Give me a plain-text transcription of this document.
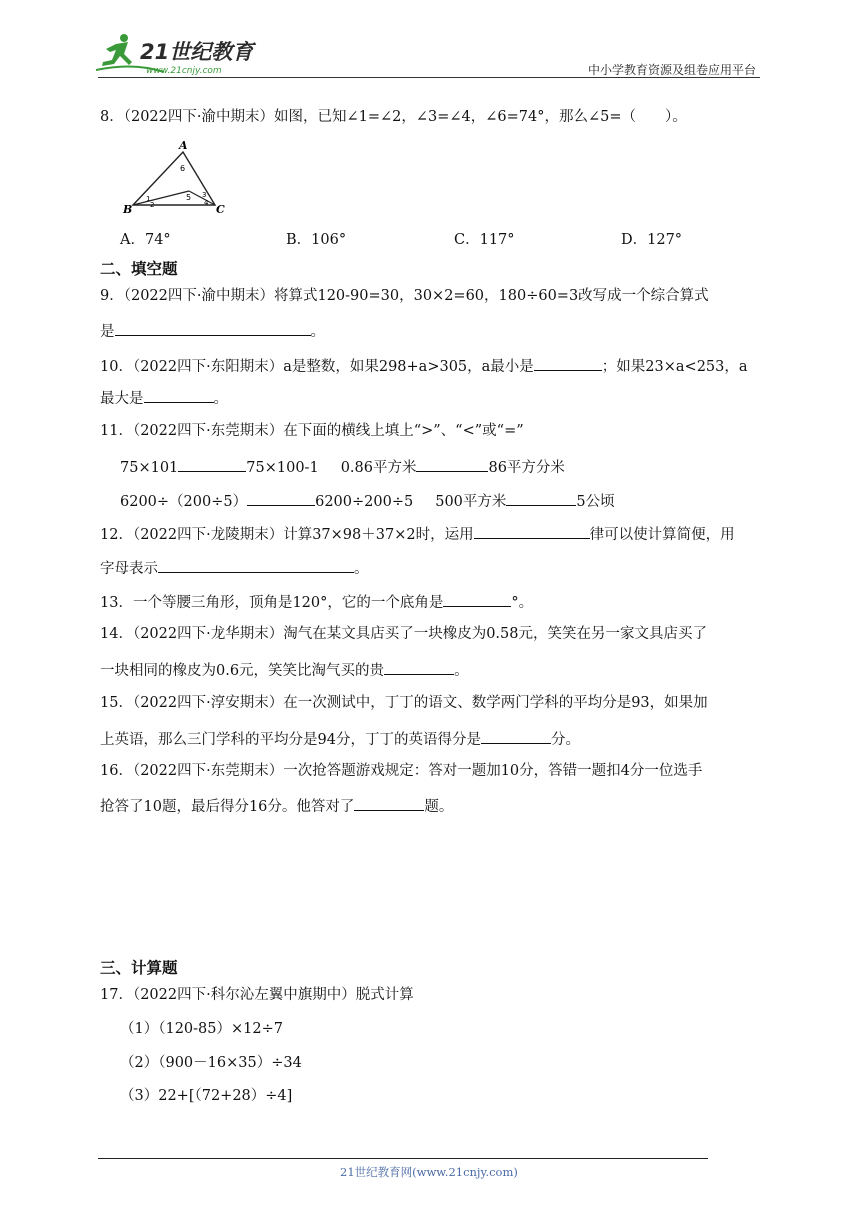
21世纪教育
www.21cnjy.com	中小学教育资源及组卷应用平台
8．（2022四下·渝中期末）如图，已知∠1=∠2，∠3=∠4，∠6=74°，那么∠5=（　　）。
A
B	C
6
5 3
1
2	4
A．74°	B．106°	C．117°	D．127°
二、填空题
9．（2022四下·渝中期末）将算式120-90=30，30×2=60，180÷60=3改写成一个综合算式
是	。
10．（2022四下·东阳期末）a是整数，如果298+a>305，a最小是	；如果23×a<253，a
最大是	。
11．（2022四下·东莞期末）在下面的横线上填上“>”、“<”或“=”
75×101	75×100-1 0.86平方米	86平方分米
6200÷（200÷5）	6200÷200÷5 500平方米	5公顷
12．（2022四下·龙陵期末）计算37×98＋37×2时，运用	律可以使计算简便，用
字母表示	。
13．一个等腰三角形，顶角是120°，它的一个底角是	°。
14．（2022四下·龙华期末）淘气在某文具店买了一块橡皮为0.58元，笑笑在另一家文具店买了
一块相同的橡皮为0.6元，笑笑比淘气买的贵	。
15．（2022四下·淳安期末）在一次测试中，丁丁的语文、数学两门学科的平均分是93，如果加
上英语，那么三门学科的平均分是94分，丁丁的英语得分是	分。
16．（2022四下·东莞期末）一次抢答题游戏规定：答对一题加10分，答错一题扣4分一位选手
抢答了10题，最后得分16分。他答对了	题。
三、计算题
17．（2022四下·科尔沁左翼中旗期中）脱式计算
（1）（120-85）×12÷7
（2）（900－16×35）÷34
（3）22+[（72+28）÷4]
21世纪教育网(www.21cnjy.com)
